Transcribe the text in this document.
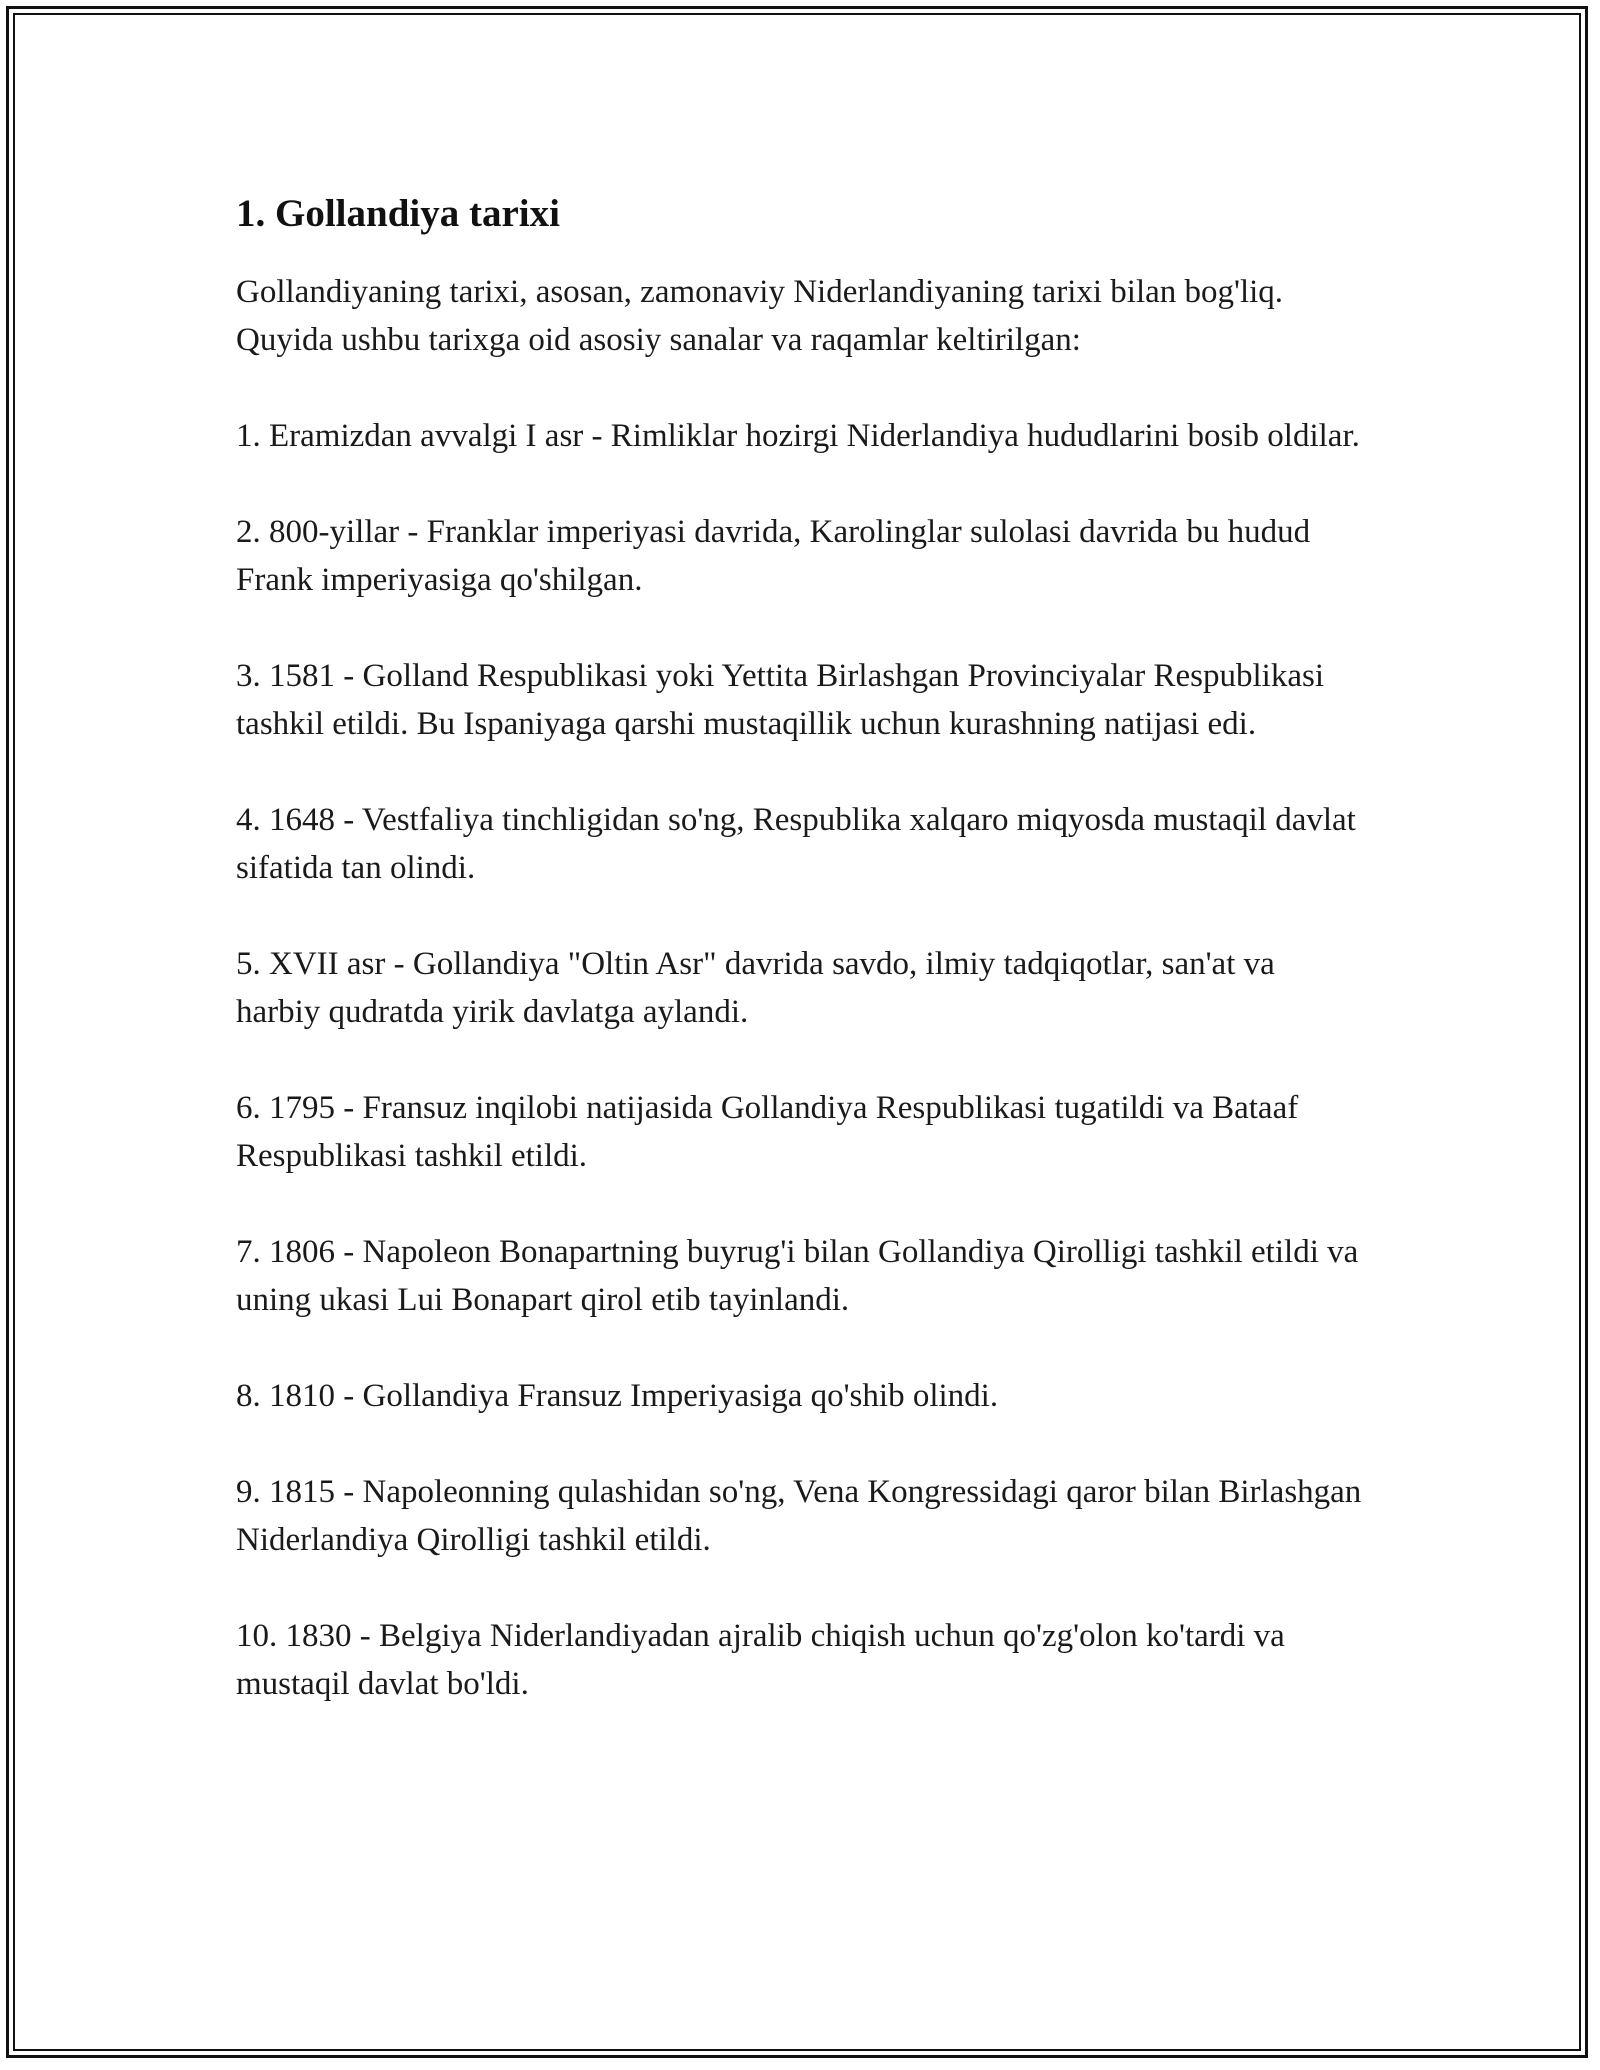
1. Gollandiya tarixi

Gollandiyaning tarixi, asosan, zamonaviy Niderlandiyaning tarixi bilan bog'liq. Quyida ushbu tarixga oid asosiy sanalar va raqamlar keltirilgan:

1. Eramizdan avvalgi I asr - Rimliklar hozirgi Niderlandiya hududlarini bosib oldilar.

2. 800-yillar - Franklar imperiyasi davrida, Karolinglar sulolasi davrida bu hudud Frank imperiyasiga qo'shilgan.

3. 1581 - Golland Respublikasi yoki Yettita Birlashgan Provinciyalar Respublikasi tashkil etildi. Bu Ispaniyaga qarshi mustaqillik uchun kurashning natijasi edi.

4. 1648 - Vestfaliya tinchligidan so'ng, Respublika xalqaro miqyosda mustaqil davlat sifatida tan olindi.

5. XVII asr - Gollandiya "Oltin Asr" davrida savdo, ilmiy tadqiqotlar, san'at va harbiy qudratda yirik davlatga aylandi.

6. 1795 - Fransuz inqilobi natijasida Gollandiya Respublikasi tugatildi va Bataaf Respublikasi tashkil etildi.

7. 1806 - Napoleon Bonapartning buyrug'i bilan Gollandiya Qirolligi tashkil etildi va uning ukasi Lui Bonapart qirol etib tayinlandi.

8. 1810 - Gollandiya Fransuz Imperiyasiga qo'shib olindi.

9. 1815 - Napoleonning qulashidan so'ng, Vena Kongressidagi qaror bilan Birlashgan Niderlandiya Qirolligi tashkil etildi.

10. 1830 - Belgiya Niderlandiyadan ajralib chiqish uchun qo'zg'olon ko'tardi va mustaqil davlat bo'ldi.
